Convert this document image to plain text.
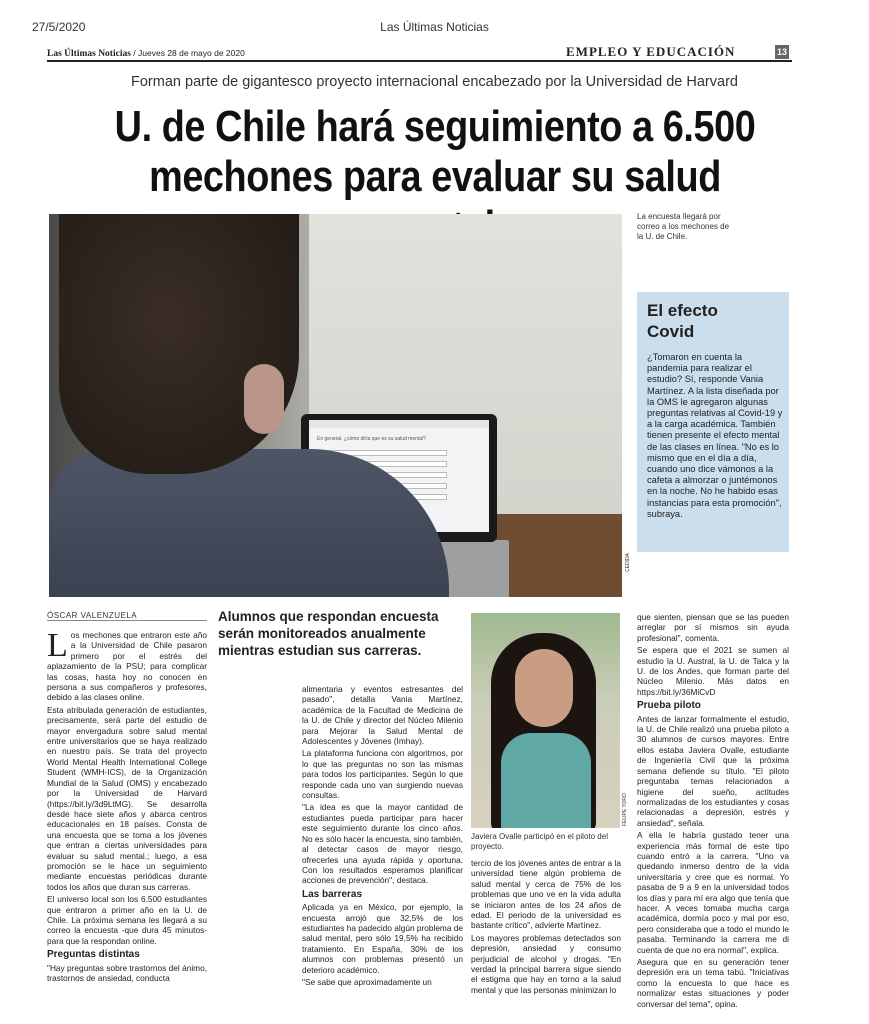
27/5/2020	Las Últimas Noticias
Las Últimas Noticias / Jueves 28 de mayo de 2020	EMPLEO Y EDUCACIÓN	13
Forman parte de gigantesco proyecto internacional encabezado por la Universidad de Harvard
U. de Chile hará seguimiento a 6.500
mechones para evaluar su salud
En general, ¿cómo diría que es su salud mental?
CEDIDA
La encuesta llegará por correo a los mechones de la U. de Chile.
El efecto Covid
¿Tomaron en cuenta la pandemia para realizar el estudio? Sí, responde Vania Martínez. A la lista diseñada por la OMS le agregaron algunas preguntas relativas al Covid-19 y a la carga académica. También tienen presente el efecto mental de las clases en línea. "No es lo mismo que en el día a día, cuando uno dice vámonos a la cafeta a almorzar o juntémonos en la noche. No he habido esas instancias para esta promoción", subraya.
ÓSCAR VALENZUELA

Los mechones que entraron este año a la Universidad de Chile pasaron primero por el estrés del aplazamiento de la PSU; para complicar las cosas, hasta hoy no conocen en persona a sus compañeros y profesores, debido a las clases online.

Esta atribulada generación de estudiantes, precisamente, será parte del estudio de mayor envergadura sobre salud mental entre universitarios que se haya realizado en nuestro país. Se trata del proyecto World Mental Health International College Student (WMH-ICS), de la Organización Mundial de la Salud (OMS) y encabezado por la Universidad de Harvard (https://bit.ly/3d9LtMG). Se desarrolla desde hace siete años y abarca centros educacionales en 18 países. Consta de una encuesta que se toma a los jóvenes que entran a ciertas universidades para evaluar su salud mental.; luego, a esa promoción se le hace un seguimiento mediante encuestas periódicas durante todos los años que duran sus carreras.

El universo local son los 6.500 estudiantes que entraron a primer año en la U. de Chile. La próxima semana les llegará a su correo la encuesta -que dura 45 minutos- para que la respondan online.

Preguntas distintas

"Hay preguntas sobre trastornos del ánimo, trastornos de ansiedad, conducta

Alumnos que respondan encuesta serán monitoreados anualmente mientras estudian sus carreras.

alimentaria y eventos estresantes del pasado", detalla Vania Martínez, académica de la Facultad de Medicina de la U. de Chile y director del Núcleo Milenio para Mejorar la Salud Mental de Adolescentes y Jóvenes (Imhay).

La plataforma funciona con algoritmos, por lo que las preguntas no son las mismas para todos los participantes. Según lo que responde cada uno van surgiendo nuevas consultas.

"La idea es que la mayor cantidad de estudiantes pueda participar para hacer este seguimiento durante los cinco años. No es sólo hacer la encuesta, sino también, al detectar casos de mayor riesgo, ofrecerles una ayuda rápida y oportuna. Con los resultados esperamos planificar acciones de prevención", destaca.

Las barreras

Aplicada ya en México, por ejemplo, la encuesta arrojó que 32,5% de los estudiantes ha padecido algún problema de salud mental, pero sólo 19,5% ha recibido tratamiento. En España, 30% de los alumnos con problemas presentó un deterioro académico.

"Se sabe que aproximadamente un

FELIPE TORO
Javiera Ovalle participó en el piloto del proyecto.

tercio de los jóvenes antes de entrar a la universidad tiene algún problema de salud mental y cerca de 75% de los problemas que uno ve en la vida adulta se iniciaron antes de los 24 años de edad. El periodo de la universidad es bastante crítico", advierte Martínez.

Los mayores problemas detectados son depresión, ansiedad y consumo perjudicial de alcohol y drogas. "En verdad la principal barrera sigue siendo el estigma que hay en torno a la salud mental y que las personas minimizan lo

que sienten, piensan que se las pueden arreglar por sí mismos sin ayuda profesional", comenta.

Se espera que el 2021 se sumen al estudio la U. Austral, la U. de Talca y la U. de los Andes, que forman parte del Núcleo Milenio. Más datos en https://bit.ly/36MiCvD

Prueba piloto

Antes de lanzar formalmente el estudio, la U. de Chile realizó una prueba piloto a 30 alumnos de cursos mayores. Entre ellos estaba Javiera Ovalle, estudiante de Ingeniería Civil que la próxima semana defiende su título. "El piloto preguntaba temas relacionados a higiene del sueño, actitudes normalizadas de los estudiantes y cosas relacionadas a depresión, estrés y ansiedad", señala.

A ella le habría gustado tener una experiencia más formal de este tipo cuando entró a la carrera. "Uno va quedando inmerso dentro de la vida universitaria y cree que es normal. Yo pasaba de 9 a 9 en la universidad todos los días y para mí era algo que tenía que hacer. A veces tomaba mucha carga académica, dormía poco y mal por eso, pero consideraba que a todo el mundo le pasaba. Terminando la carrera me di cuenta de que no era normal", explica.

Asegura que en su generación tener depresión era un tema tabú. "Iniciativas como la encuesta lo que hace es normalizar estas situaciones y poder conversar del tema", opina.
